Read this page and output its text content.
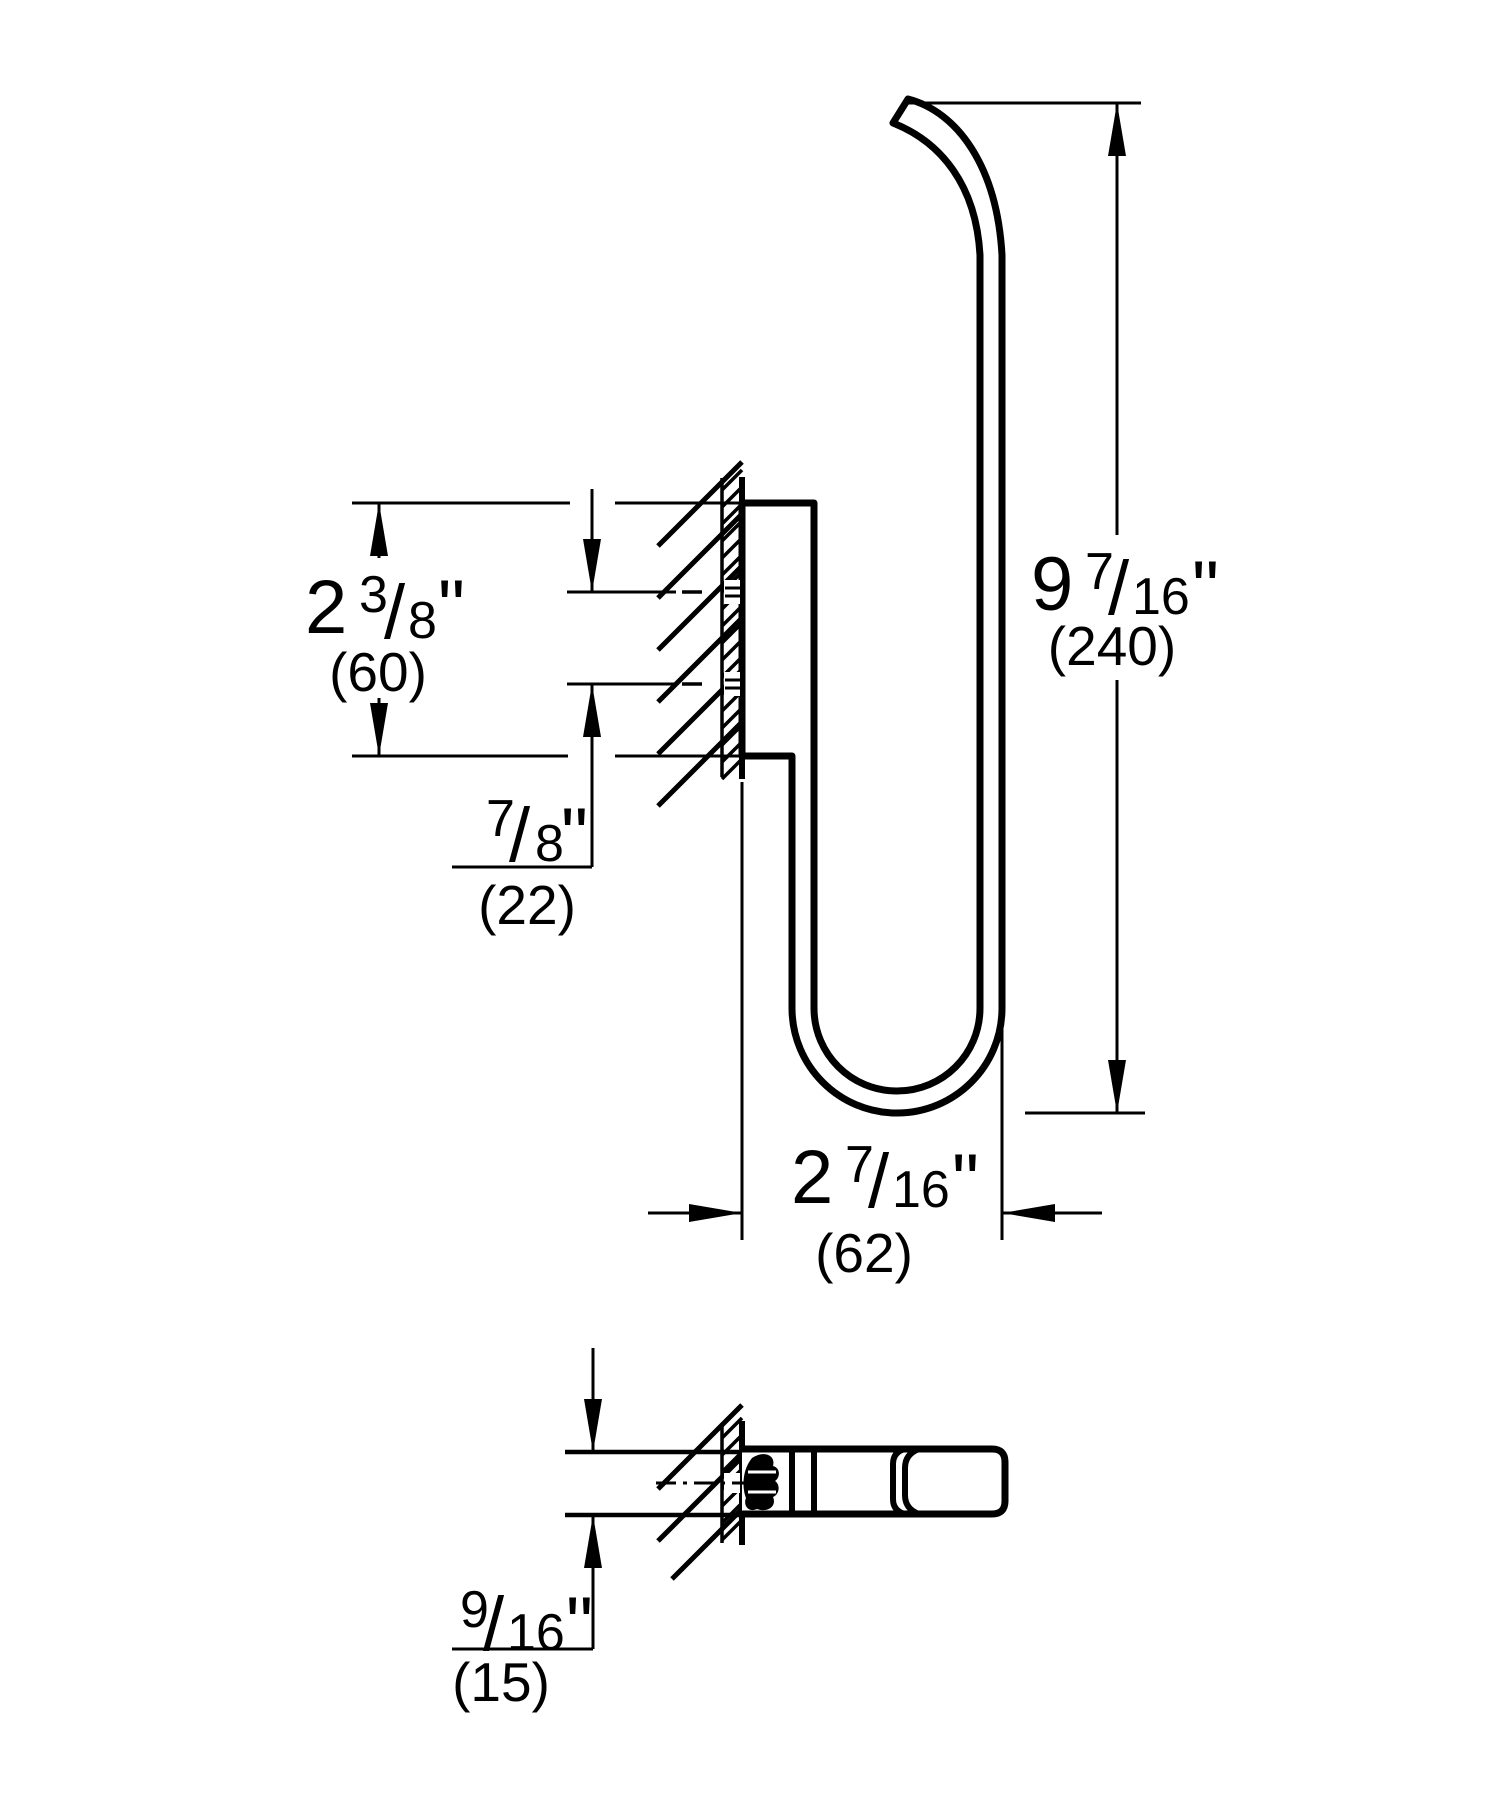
2 3
/ 8 "
(60)
7
/ 8
"
(22)
9 7
/ 16 "
(240)
2 7
/ 16 "
(62)
9
/ 16 "
(15)
